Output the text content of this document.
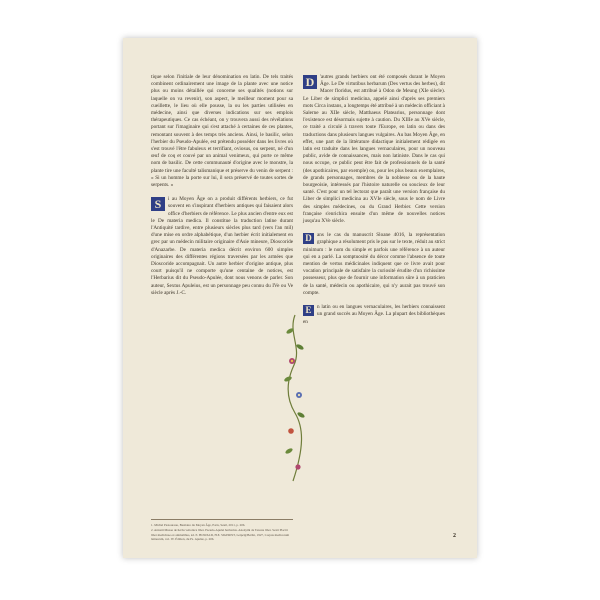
tique selon l'initiale de leur dénomination en latin. De tels traités combinent ordinairement une image de la plante avec une notice plus ou moins détaillée qui concerne ses qualités (notions sur laquelle on va revenir), son aspect, le meilleur moment pour sa cueillette, le lieu où elle pousse, la ou les parties utilisées en médecine, ainsi que diverses indications sur ses emplois thérapeutiques. Ce cas échéant, on y trouvera aussi des révélations portant sur l'imaginaire qui s'est attaché à certaines de ces plantes, remontant souvent à des temps très anciens. Ainsi, le basilic, selon l'herbier du Pseudo-Apulée, est prétendu posséder dans les livres où s'est trouvé l'être fabuleux et terrifiant, oviosus, ou serpent, né d'un œuf de coq et couvé par un animal venimeux, qui porte ce même nom de basilic. De cette communauté d'origine avec le monstre, la plante tire une faculté talismanique et préserve du venin de serpent : « Si un homme la porte sur lui, il sera préservé de toutes sortes de serpents. »

S	i au Moyen Âge on a produit différents herbiers, ce fut souvent en s'inspirant d'herbiers antiques qui faisaient alors office d'herbiers de référence. Le plus ancien d'entre eux est le De materia medica. Il constitue la traduction latine durant l'Antiquité tardive, entre plusieurs siècles plus tard (vers l'an mil) d'une mise en ordre alphabétique, d'un herbier écrit initialement en grec par un médecin militaire originaire d'Asie mineure, Dioscoride d'Anazarbe. De materia medica décrit environ 600 simples originaires des différentes régions traversées par les armées que Dioscoride accompagnait. Un autre herbier d'origine antique, plus court puisqu'il ne comporte qu'une centaine de notices, est l'Herbarius dit du Pseudo-Apulée, dont nous venons de parler. Son auteur, Sextus Apuleius, est un personnage peu connu du IVe ou Ve siècle après J.-C.

D	'autres grands herbiers ont été composés durant le Moyen Âge. Le De virtutibus herbarum (Des vertus des herbes), dit Macer floridus, est attribué à Odon de Meung (XIe siècle). Le Liber de simplici medicina, appelé ainsi d'après ses premiers mots Circa instans, a longtemps été attribué à un médecin officiant à Salerne au XIIe siècle, Matthaeus Platearius, personnage dont l'existence est désormais sujette à caution. Du XIIIe au XVe siècle, ce traité a circulé à travers toute l'Europe, en latin ou dans des traductions dans plusieurs langues vulgaires. Au bas Moyen Âge, en effet, une part de la littérature didactique initialement rédigée en latin est traduite dans les langues vernaculaires, pour un nouveau public, avide de connaissances, mais non latiniste. Dans le cas qui nous occupe, ce public peut être fait de professionnels de la santé (des apothicaires, par exemple) ou, pour les plus beaux exemplaires, de grands personnages, membres de la noblesse ou de la haute bourgeoisie, intéressés par l'histoire naturelle ou soucieux de leur santé. C'est pour un tel lectorat que paraît une version française du Liber de simplici medicina au XVIe siècle, sous le nom de Livre des simples médecines, ou du Grand Herbier. Cette version française s'enrichira ensuite d'un même de nouvelles notices jusqu'au XVe siècle.

D	ans le cas du manuscrit Sloane 4016, la représentation graphique a résolument pris le pas sur le texte, réduit au strict minimum : le nom du simple et parfois une référence à un auteur qui en a parlé. La somptuosité du décor comme l'absence de toute mention de vertus médicinales indiquent que ce livre avait pour vocation principale de satisfaire la curiosité érudite d'un richissime possesseur, plus que de fournir une information sûre à un praticien de la santé, médecin ou apothicaire, qui n'y aurait pas trouvé son compte.

E	n latin ou en langues vernaculaires, les herbiers connaissent un grand succès au Moyen Âge. La plupart des bibliothèques en

1. Michel Pastoureau, Bestiaire du Moyen Âge, Paris, Seuil, 2011, p. 206.
2. Antonii Musae de herba vettonica liber. Pseudo-Apulei herbarius. Anonymi de Taxone liber. Sexti Placiti liber medicinae ex animalibus, éd. E. HOWALD, H.E. SIGERIST, Leipzig/Berlin, 1927, Corpus medicorum latinorum, vol. IV. Édition, du Ps. Apulée, p. 206.	2
